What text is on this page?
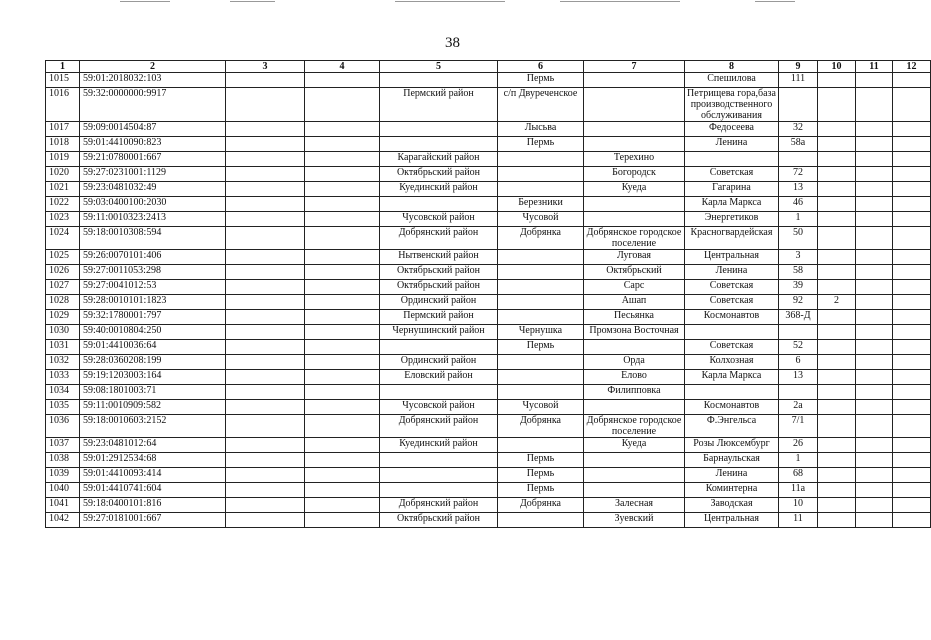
38
1	2	3	4	5	6	7	8	9	10	11	12
1015	59:01:2018032:103				Пермь		Спешилова	111			
1016	59:32:0000000:9917			Пермский район	с/п Двуреченское		Петрищева гора,база производственного обслуживания				
1017	59:09:0014504:87				Лысьва		Федосеева	32			
1018	59:01:4410090:823				Пермь		Ленина	58а			
1019	59:21:0780001:667			Карагайский район		Терехино					
1020	59:27:0231001:1129			Октябрьский район		Богородск	Советская	72			
1021	59:23:0481032:49			Куединский район		Куеда	Гагарина	13			
1022	59:03:0400100:2030				Березники		Карла Маркса	46			
1023	59:11:0010323:2413			Чусовской район	Чусовой		Энергетиков	1			
1024	59:18:0010308:594			Добрянский район	Добрянка	Добрянское городское поселение	Красногвардейская	50			
1025	59:26:0070101:406			Нытвенский район		Луговая	Центральная	3			
1026	59:27:0011053:298			Октябрьский район		Октябрьский	Ленина	58			
1027	59:27:0041012:53			Октябрьский район		Сарс	Советская	39			
1028	59:28:0010101:1823			Ординский район		Ашап	Советская	92	2		
1029	59:32:1780001:797			Пермский район		Песьянка	Космонавтов	368-Д			
1030	59:40:0010804:250			Чернушинский район	Чернушка	Промзона Восточная					
1031	59:01:4410036:64				Пермь		Советская	52			
1032	59:28:0360208:199			Ординский район		Орда	Колхозная	6			
1033	59:19:1203003:164			Еловский район		Елово	Карла Маркса	13			
1034	59:08:1801003:71					Филипповка					
1035	59:11:0010909:582			Чусовской район	Чусовой		Космонавтов	2а			
1036	59:18:0010603:2152			Добрянский район	Добрянка	Добрянское городское поселение	Ф.Энгельса	7/1			
1037	59:23:0481012:64			Куединский район		Куеда	Розы Люксембург	26			
1038	59:01:2912534:68				Пермь		Барнаульская	1			
1039	59:01:4410093:414				Пермь		Ленина	68			
1040	59:01:4410741:604				Пермь		Коминтерна	11а			
1041	59:18:0400101:816			Добрянский район	Добрянка	Залесная	Заводская	10			
1042	59:27:0181001:667			Октябрьский район		Зуевский	Центральная	11			
